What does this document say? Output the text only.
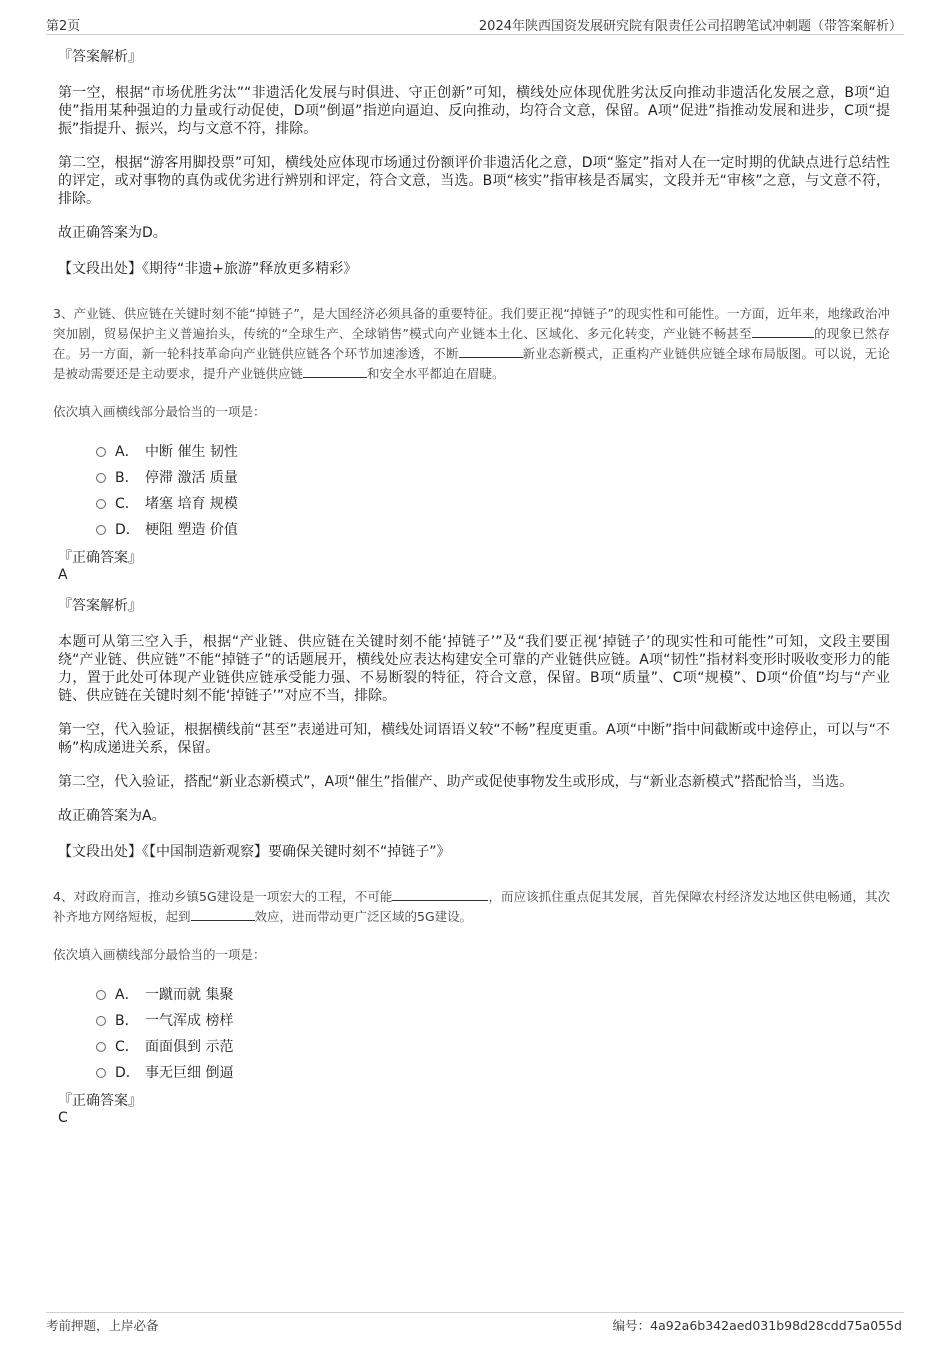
第2页	2024年陕西国资发展研究院有限责任公司招聘笔试冲刺题（带答案解析）
『答案解析』
第一空，根据“市场优胜劣汰”“非遗活化发展与时俱进、守正创新”可知，横线处应体现优胜劣汰反向推动非遗活化发展之意，B项“迫使”指用某种强迫的力量或行动促使，D项“倒逼”指逆向逼迫、反向推动，均符合文意，保留。A项“促进”指推动发展和进步，C项“提振”指提升、振兴，均与文意不符，排除。
第二空，根据“游客用脚投票”可知，横线处应体现市场通过份额评价非遗活化之意，D项“鉴定”指对人在一定时期的优缺点进行总结性的评定，或对事物的真伪或优劣进行辨别和评定，符合文意，当选。B项“核实”指审核是否属实，文段并无“审核”之意，与文意不符，排除。
故正确答案为D。
【文段出处】《期待“非遗+旅游”释放更多精彩》
3、产业链、供应链在关键时刻不能“掉链子”，是大国经济必须具备的重要特征。我们要正视“掉链子”的现实性和可能性。一方面，近年来，地缘政治冲突加剧，贸易保护主义普遍抬头，传统的“全球生产、全球销售”模式向产业链本土化、区域化、多元化转变，产业链不畅甚至	的现象已然存在。另一方面，新一轮科技革命向产业链供应链各个环节加速渗透，不断	新业态新模式，正重构产业链供应链全球布局版图。可以说，无论是被动需要还是主动要求，提升产业链供应链	和安全水平都迫在眉睫。
依次填入画横线部分最恰当的一项是：
A． 中断 催生 韧性
B． 停滞 激活 质量
C． 堵塞 培育 规模
D． 梗阻 塑造 价值
『正确答案』
A
『答案解析』
本题可从第三空入手，根据“产业链、供应链在关键时刻不能‘掉链子’”及“我们要正视‘掉链子’的现实性和可能性”可知，文段主要围绕“产业链、供应链”不能“掉链子”的话题展开，横线处应表达构建安全可靠的产业链供应链。A项“韧性”指材料变形时吸收变形力的能力，置于此处可体现产业链供应链承受能力强、不易断裂的特征，符合文意，保留。B项“质量”、C项“规模”、D项“价值”均与“产业链、供应链在关键时刻不能‘掉链子’”对应不当，排除。
第一空，代入验证，根据横线前“甚至”表递进可知，横线处词语语义较“不畅”程度更重。A项“中断”指中间截断或中途停止，可以与“不畅”构成递进关系，保留。
第二空，代入验证，搭配“新业态新模式”，A项“催生”指催产、助产或促使事物发生或形成，与“新业态新模式”搭配恰当，当选。
故正确答案为A。
【文段出处】《【中国制造新观察】要确保关键时刻不“掉链子”》
4、对政府而言，推动乡镇5G建设是一项宏大的工程，不可能	，而应该抓住重点促其发展，首先保障农村经济发达地区供电畅通，其次补齐地方网络短板，起到	效应，进而带动更广泛区域的5G建设。
依次填入画横线部分最恰当的一项是：
A． 一蹴而就 集聚
B． 一气浑成 榜样
C． 面面俱到 示范
D． 事无巨细 倒逼
『正确答案』
C
考前押题，上岸必备	编号：4a92a6b342aed031b98d28cdd75a055d
